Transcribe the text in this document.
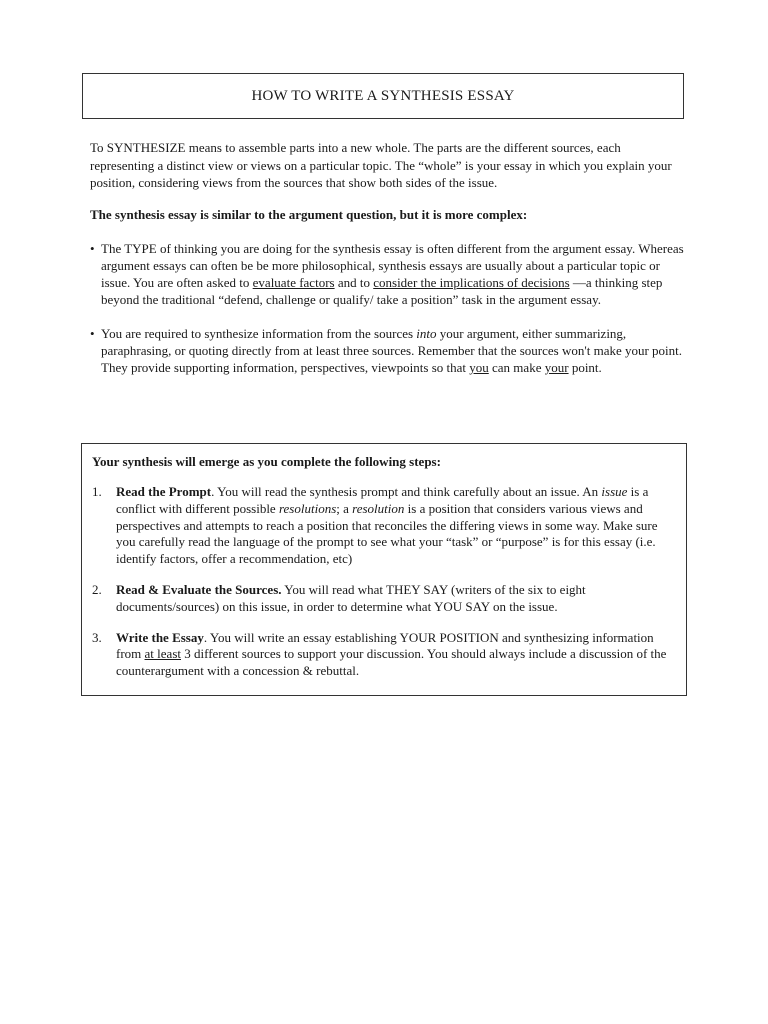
HOW TO WRITE A SYNTHESIS ESSAY

To SYNTHESIZE means to assemble parts into a new whole. The parts are the different sources, each representing a distinct view or views on a particular topic. The “whole” is your essay in which you explain your position, considering views from the sources that show both sides of the issue.

The synthesis essay is similar to the argument question, but it is more complex:

• The TYPE of thinking you are doing for the synthesis essay is often different from the argument essay. Whereas argument essays can often be be more philosophical, synthesis essays are usually about a particular topic or issue. You are often asked to evaluate factors and to consider the implications of decisions —a thinking step beyond the traditional “defend, challenge or qualify/ take a position” task in the argument essay.
• You are required to synthesize information from the sources into your argument, either summarizing, paraphrasing, or quoting directly from at least three sources. Remember that the sources won't make your point. They provide supporting information, perspectives, viewpoints so that you can make your point.

Your synthesis will emerge as you complete the following steps:

1. Read the Prompt. You will read the synthesis prompt and think carefully about an issue. An issue is a conflict with different possible resolutions; a resolution is a position that considers various views and perspectives and attempts to reach a position that reconciles the differing views in some way. Make sure you carefully read the language of the prompt to see what your “task” or “purpose” is for this essay (i.e. identify factors, offer a recommendation, etc)
2. Read & Evaluate the Sources. You will read what THEY SAY (writers of the six to eight documents/sources) on this issue, in order to determine what YOU SAY on the issue.
3. Write the Essay. You will write an essay establishing YOUR POSITION and synthesizing information from at least 3 different sources to support your discussion. You should always include a discussion of the counterargument with a concession & rebuttal.
